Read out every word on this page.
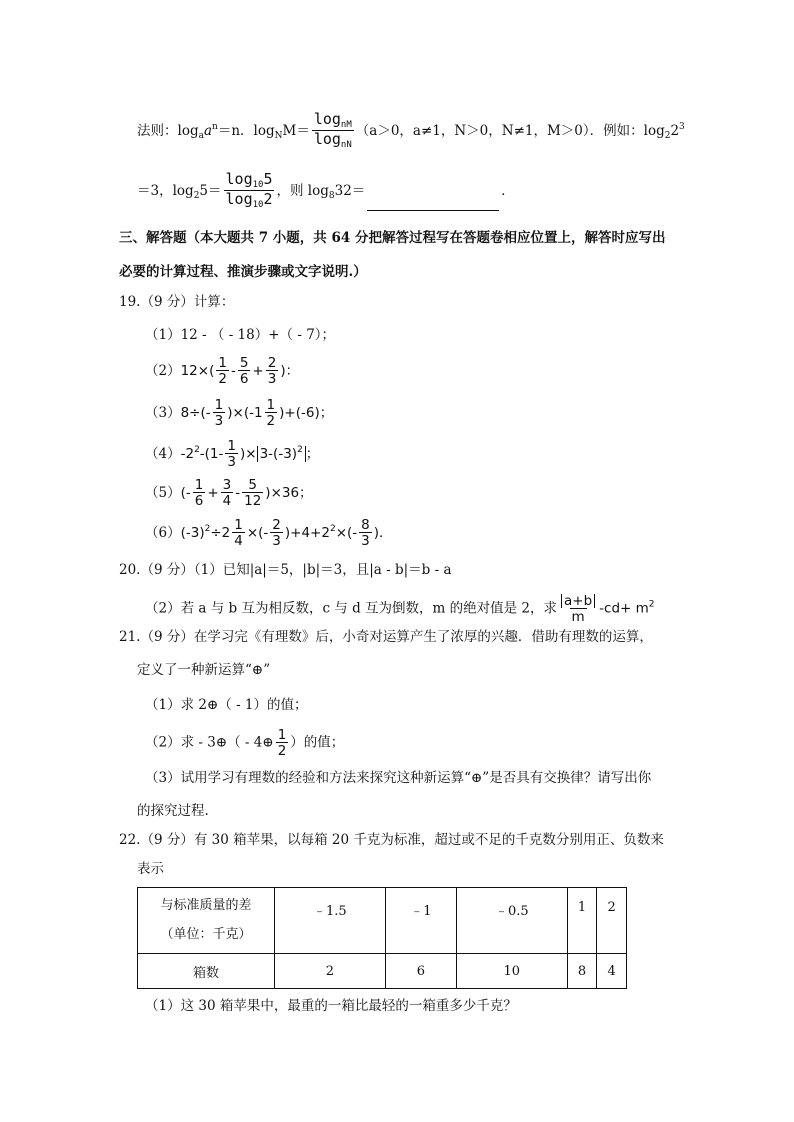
法则：$\log_aa^n=n$．$\log_NM= \frac{\log_{nM}}{\log_{nN}} (a>0$，a≠1，N＞0，N≠1，M＞0）．例如：$\log_22^3$
＝3，$\log_25= \frac{\log_{10}5}{\log_{10}2}$ ，则 $\log_832=$	．
三、解答题（本大题共 7 小题，共 64 分把解答过程写在答题卷相应位置上，解答时应写出
必要的计算过程、推演步骤或文字说明.）
19.（9 分）计算：
（1）12 - （ - 18）+（ - 7）；
$(2)12\times( \frac{1}{2} - \frac{5}{6} + \frac{2}{3}$ )：
$(3)8\div(- \frac{1}{3} )\times(-1 \frac{1}{2} )+(-6)$；
$(4)-2^2-(1- \frac{1}{3}$ )× $3-(-3)^2$ ；
$(5)(- \frac{1}{6} + \frac{3}{4} - \frac{5}{12} )\times 36$；
$(6)(-3)^2\div 2 \frac{1}{4}$ ×(- $\frac{2}{3} )+4+2^2\times(- \frac{8}{3}$ )．
20.（9 分）（1）已知|a|＝5，|b|＝3，且|a - b|＝b - a
（2）若 a 与 b 互为相反数，c 与 d 互为倒数，m 的绝对值是 2，求 $\frac{a+b}{m} -cd+ m^2$
21.（9 分）在学习完《有理数》后，小奇对运算产生了浓厚的兴趣．借助有理数的运算，
定义了一种新运算“⊕”
（1）求 2⊕（ - 1）的值；
（2）求 - 3⊕（ - 4⊕ $\frac{1}{2}$ ）的值；
（3）试用学习有理数的经验和方法来探究这种新运算“⊕”是否具有交换律？请写出你
的探究过程.
22.（9 分）有 30 箱苹果，以每箱 20 千克为标准，超过或不足的千克数分别用正、负数来
表示
与标准质量的差
（单位：千克）	﹣1.5	﹣1	﹣0.5	1	2
箱数	2	6	10	8	4
（1）这 30 箱苹果中，最重的一箱比最轻的一箱重多少千克？
